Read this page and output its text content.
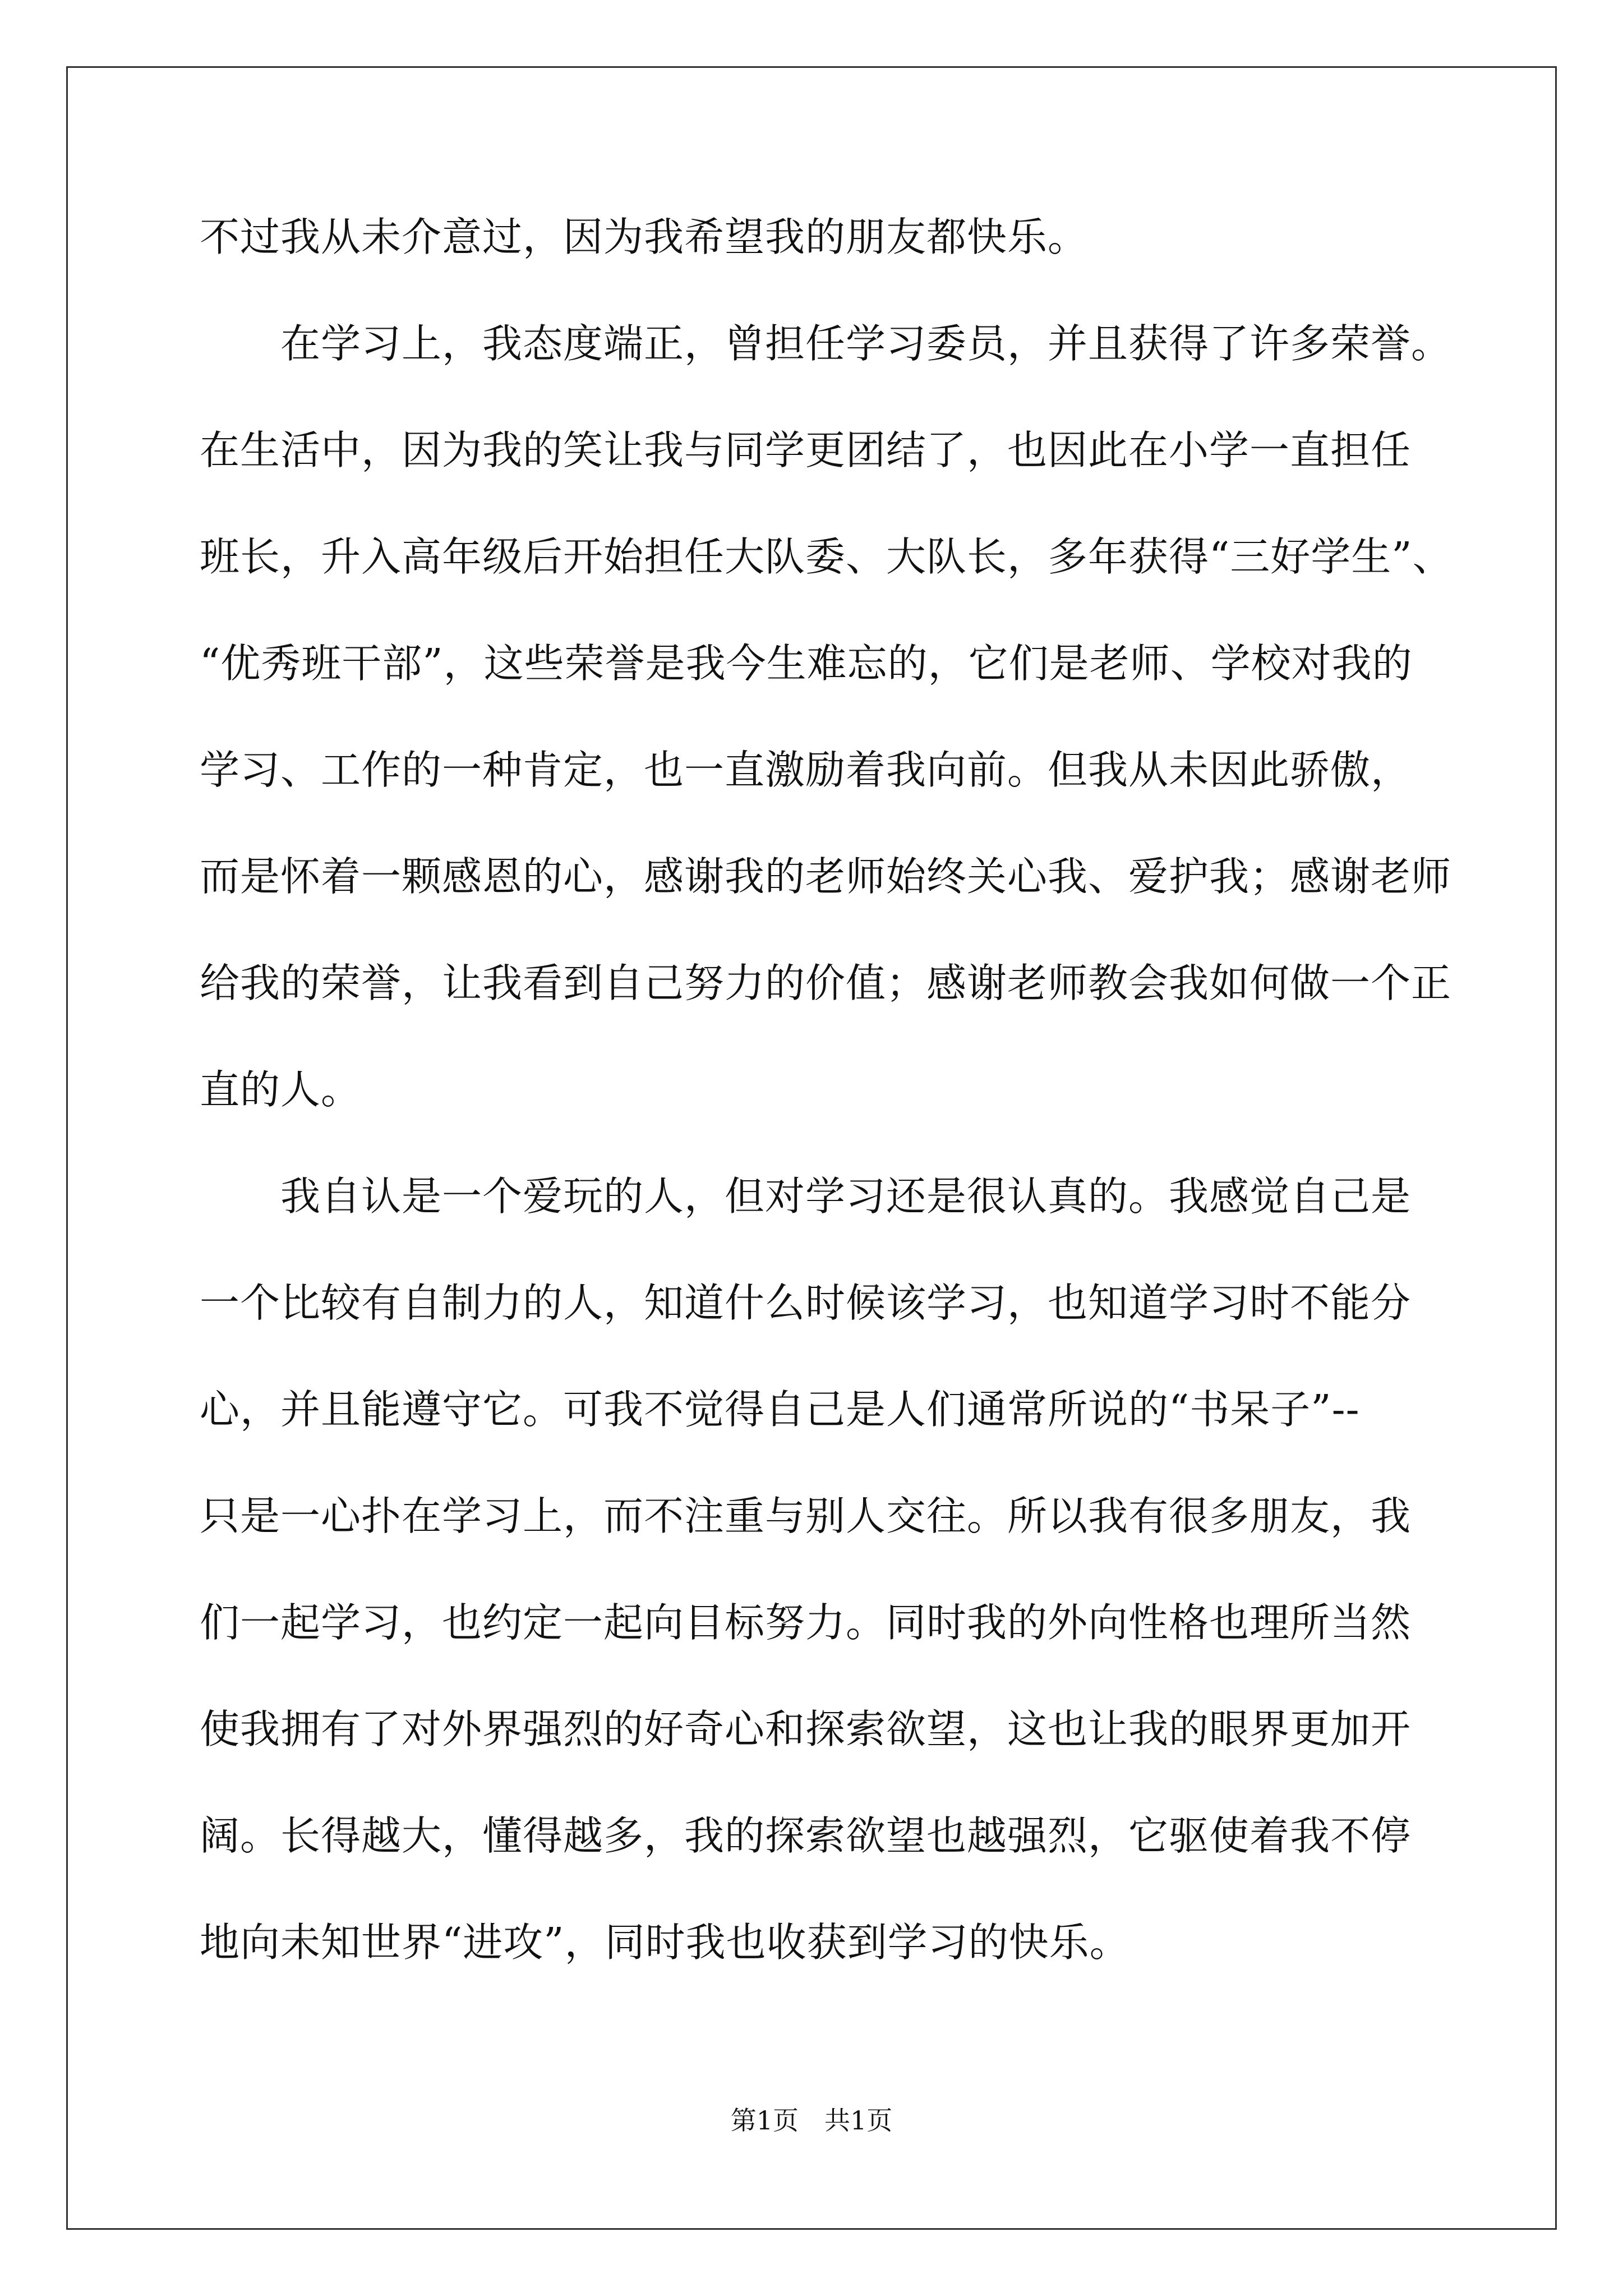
不过我从未介意过，因为我希望我的朋友都快乐。
　　在学习上，我态度端正，曾担任学习委员，并且获得了许多荣誉。
在生活中，因为我的笑让我与同学更团结了，也因此在小学一直担任
班长，升入高年级后开始担任大队委、大队长，多年获得“三好学生”、
“优秀班干部”，这些荣誉是我今生难忘的，它们是老师、学校对我的
学习、工作的一种肯定，也一直激励着我向前。但我从未因此骄傲，
而是怀着一颗感恩的心，感谢我的老师始终关心我、爱护我；感谢老师
给我的荣誉，让我看到自己努力的价值；感谢老师教会我如何做一个正
直的人。
　　我自认是一个爱玩的人，但对学习还是很认真的。我感觉自己是
一个比较有自制力的人，知道什么时候该学习，也知道学习时不能分
心，并且能遵守它。可我不觉得自己是人们通常所说的“书呆子”--
只是一心扑在学习上，而不注重与别人交往。所以我有很多朋友，我
们一起学习，也约定一起向目标努力。同时我的外向性格也理所当然
使我拥有了对外界强烈的好奇心和探索欲望，这也让我的眼界更加开
阔。长得越大，懂得越多，我的探索欲望也越强烈，它驱使着我不停
地向未知世界“进攻”，同时我也收获到学习的快乐。
第1页　共1页
